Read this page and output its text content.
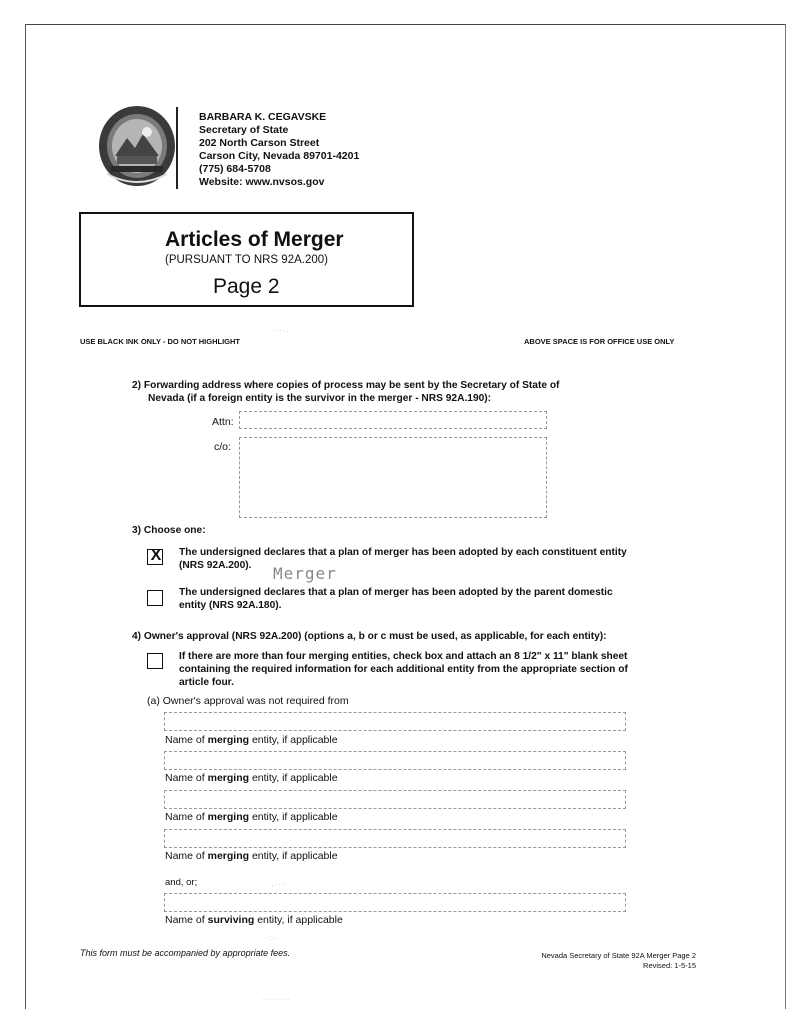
BARBARA K. CEGAVSKE
Secretary of State
202 North Carson Street
Carson City, Nevada 89701-4201
(775) 684-5708
Website: www.nvsos.gov
Articles of Merger
(PURSUANT TO NRS 92A.200)
Page 2
· · · · .
USE BLACK INK ONLY - DO NOT HIGHLIGHT	ABOVE SPACE IS FOR OFFICE USE ONLY
2) Forwarding address where copies of process may be sent by the Secretary of State of
Nevada (if a foreign entity is the survivor in the merger - NRS 92A.190):
Attn:
c/o:
· · · · · ·
3) Choose one:
X The undersigned declares that a plan of merger has been adopted by each constituent entity
(NRS 92A.200). Merger
The undersigned declares that a plan of merger has been adopted by the parent domestic
entity (NRS 92A.180).
4) Owner's approval (NRS 92A.200) (options a, b or c must be used, as applicable, for each entity):
If there are more than four merging entities, check box and attach an 8 1/2" x 11" blank sheet
containing the required information for each additional entity from the appropriate section of
article four.
(a) Owner's approval was not required from
Name of merging entity, if applicable
Name of merging entity, if applicable
Name of merging entity, if applicable
Name of merging entity, if applicable
and, or;	· , · · ; · ·
Name of surviving entity, if applicable
· ;· ·
This form must be accompanied by appropriate fees.	Nevada Secretary of State 92A Merger Page 2
Revised: 1-5-15
· · · · · · · ·
